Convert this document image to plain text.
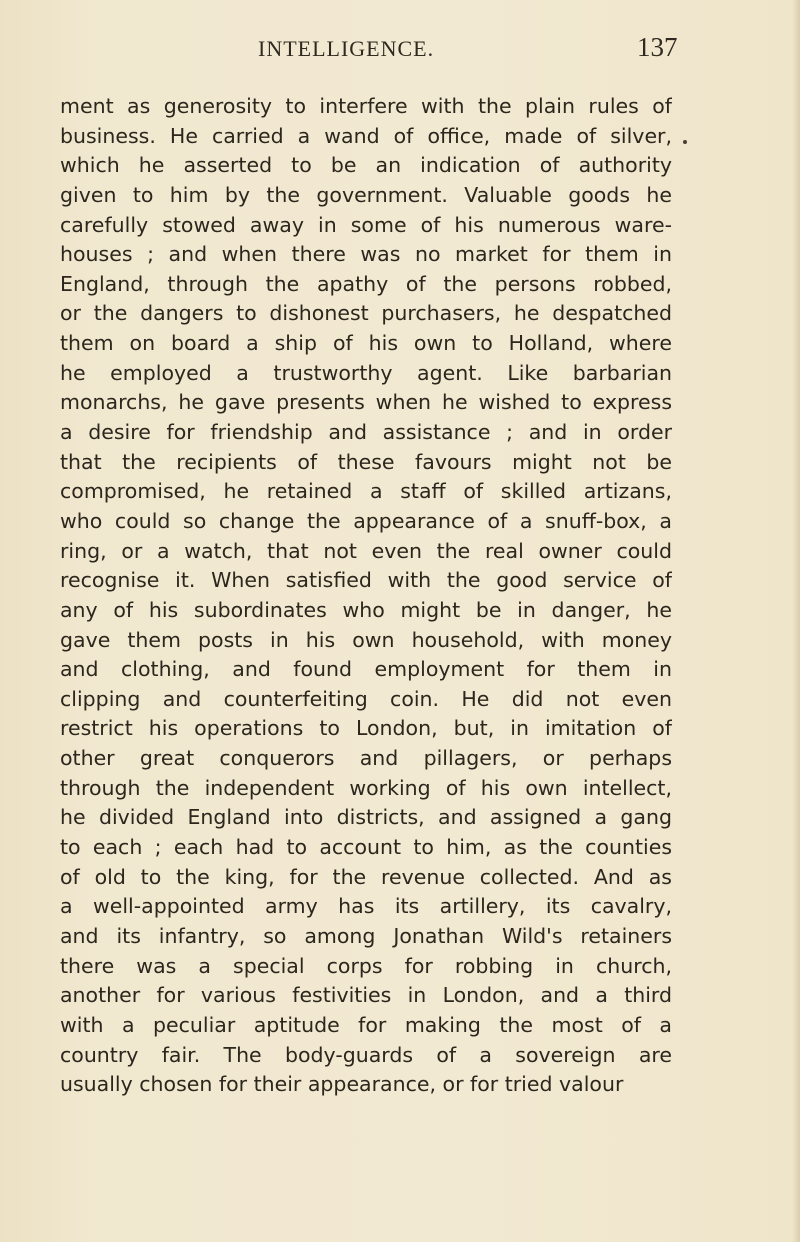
INTELLIGENCE.	137
ment as generosity to interfere with the plain rules of
business. He carried a wand of office, made of silver,
which he asserted to be an indication of authority
given to him by the government. Valuable goods he
carefully stowed away in some of his numerous ware-
houses ; and when there was no market for them in
England, through the apathy of the persons robbed,
or the dangers to dishonest purchasers, he despatched
them on board a ship of his own to Holland, where
he employed a trustworthy agent. Like barbarian
monarchs, he gave presents when he wished to express
a desire for friendship and assistance ; and in order
that the recipients of these favours might not be
compromised, he retained a staff of skilled artizans,
who could so change the appearance of a snuff-box, a
ring, or a watch, that not even the real owner could
recognise it. When satisfied with the good service of
any of his subordinates who might be in danger, he
gave them posts in his own household, with money
and clothing, and found employment for them in
clipping and counterfeiting coin. He did not even
restrict his operations to London, but, in imitation of
other great conquerors and pillagers, or perhaps
through the independent working of his own intellect,
he divided England into districts, and assigned a gang
to each ; each had to account to him, as the counties
of old to the king, for the revenue collected. And as
a well-appointed army has its artillery, its cavalry,
and its infantry, so among Jonathan Wild's retainers
there was a special corps for robbing in church,
another for various festivities in London, and a third
with a peculiar aptitude for making the most of a
country fair. The body-guards of a sovereign are
usually chosen for their appearance, or for tried valour
